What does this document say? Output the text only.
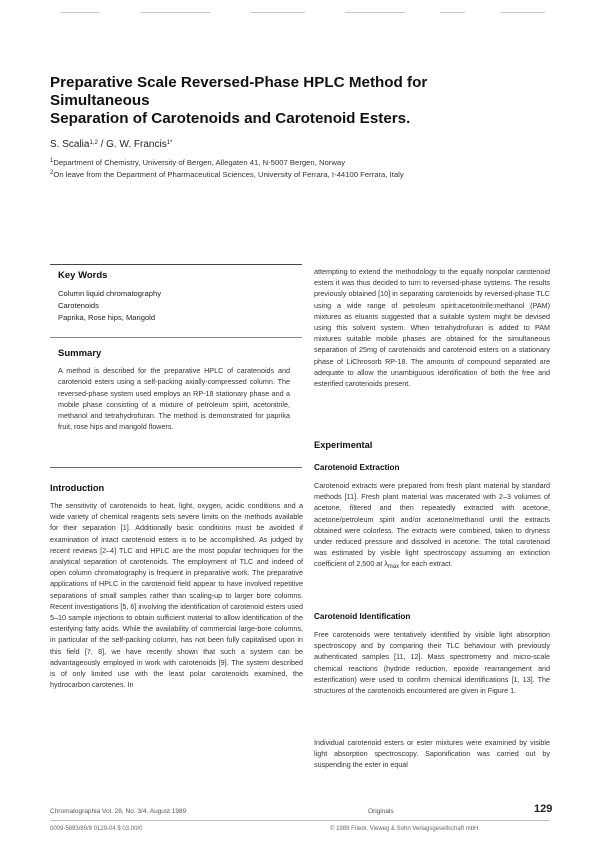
Preparative Scale Reversed-Phase HPLC Method for Simultaneous
Separation of Carotenoids and Carotenoid Esters.
S. Scalia$^{1,2}$ / G. W. Francis$^{1*}$
$^1$Department of Chemistry, University of Bergen, Allegaten 41, N-5007 Bergen, Norway
$^2$On leave from the Department of Pharmaceutical Sciences, University of Ferrara, I-44100 Ferrara, Italy
Key Words
Column liquid chromatography
Carotenoids
Paprika, Rose hips, Marigold
Summary
A method is described for the preparative HPLC of caratenoids and carotenoid esters using a self-packing axially-compressed column. The reversed-phase system used employs an RP-18 stationary phase and a mobile phase consisting of a mixture of petroleum spirit, acetonitrile, methanol and tetrahydrofuran. The method is demonstrated for paprika fruit, rose hips and marigold flowers.
Introduction
The sensitivity of carotenoids to heat, light, oxygen, acidic conditions and a wide variety of chemical reagents sets severe limits on the methods available for their separation [1]. Additionally basic conditions must be avoided if examination of intact carotenoid esters is to be accomplished. As judged by recent reviews [2–4] TLC and HPLC are the most popular techniques for the analytical separation of carotenoids. The employment of TLC and indeed of open column chromatography is frequent in preparative work. The preparative applications of HPLC in the carotenoid field appear to have involved repetitive separations of small samples rather than scaling-up to larger bore columns. Recent investigations [5, 6] involving the identification of carotenoid esters used 5–10 sample injections to obtain sufficient material to allow identification of the esterifying fatty acids. While the availability of commercial large-bore columns, in particular of the self-packing column, has not been fully capitalised upon in this field [7, 8], we have recently shown that such a system can be advantageously employed in work with carotenoids [9]. The system described is of only limited use with the least polar carotenoids examined, the hydrocarbon carotenes. In
attempting to extend the methodology to the equally nonpolar carotenoid esters it was thus decided to turn to reversed-phase systems. The results previously obtained [10] in separating carotenoids by reversed-phase TLC using a wide range of petroleum spirit:acetonitrile:methanol (PAM) mixtures as eluants suggested that a suitable system might be devised using this solvent system. When tetrahydrofuran is added to PAM mixtures suitable mobile phases are obtained for the simultaneous separation of 25mg of carotenoids and carotenoid esters on a stationary phase of LiChrosorb RP-18. The amounts of compound separated are adequate to allow the unambiguous identification of both the free and esterified carotenoids present.
Experimental
Carotenoid Extraction
Carotenoid extracts were prepared from fresh plant material by standard methods [11]. Fresh plant material was macerated with 2–3 volumes of acetone, filtered and then repeatedly extracted with acetone, acetone/petroleum spirit and/or acetone/methanol until the extracts obtained were colorless. The extracts were combined, taken to dryness under reduced pressure and dissolved in acetone. The total carotenoid was estimated by visible light spectroscopy assuming an extinction coefficient of 2,500 at $\lambda_{max}$ for each extract.
Carotenoid Identification
Free carotenoids were tentatively identified by visible light absorption spectroscopy and by comparing their TLC behaviour with previously authenticated samples [11, 12]. Mass spectrometry and micro-scale chemical reactions (hydride reduction, epoxide rearrangement and esterification) were used to confirm chemical identifications [1, 13]. The structures of the carotenoids encountered are given in Figure 1.
Individual carotenoid esters or ester mixtures were examined by visible light absorption spectroscopy. Saponification was carried out by suspending the ester in equal
Chromatographia Vol. 28, No. 3/4, August 1989	Originals	129
0009-5893/89/8 0129-04 $ 03.00/0	© 1989 Friedr. Vieweg & Sohn Verlagsgesellschaft mbH
